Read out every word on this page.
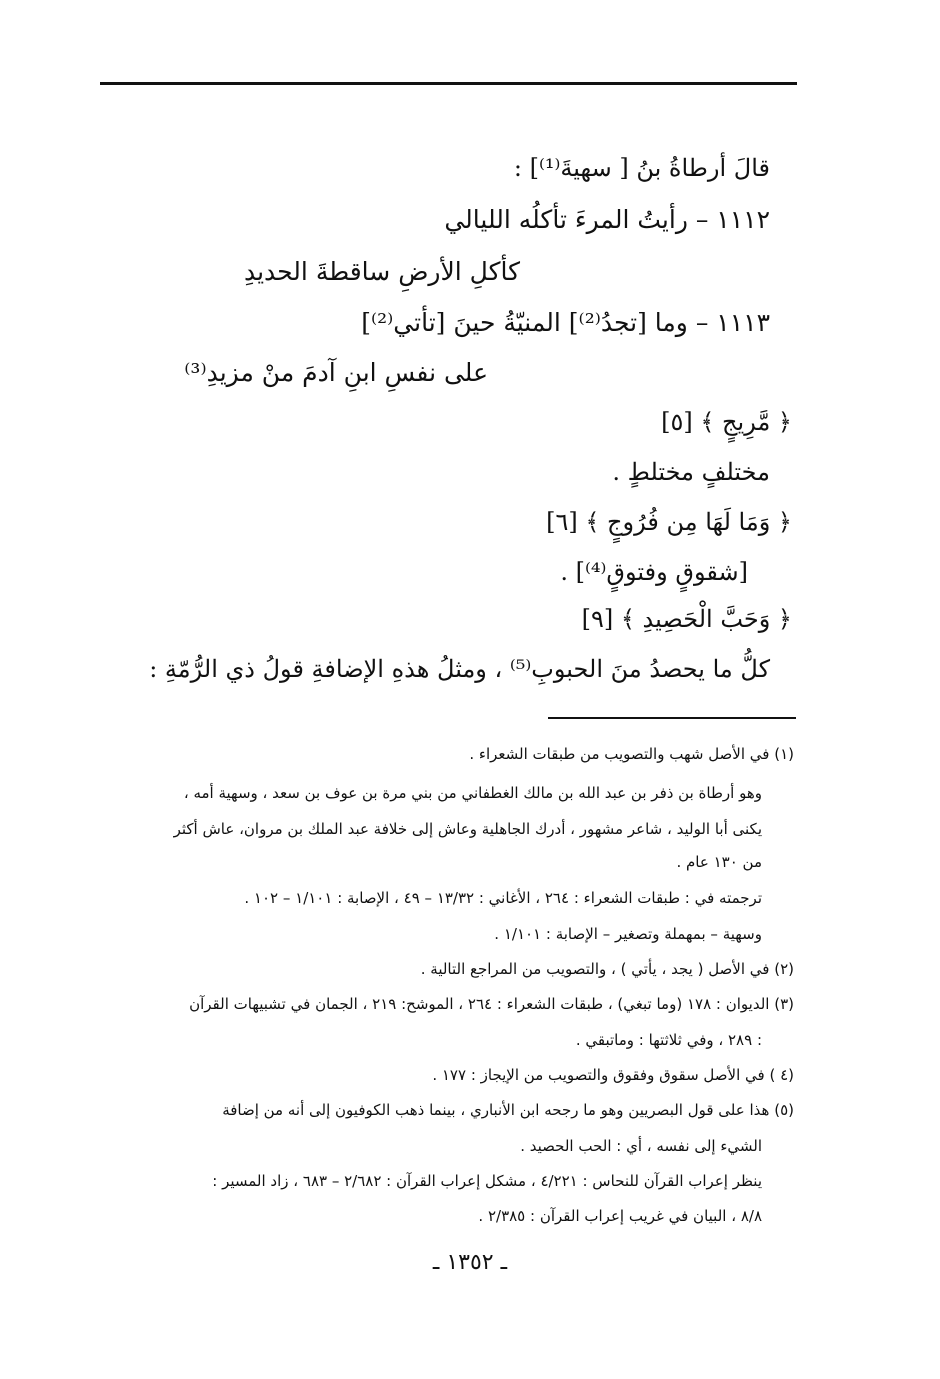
قالَ أرطاةُ بنُ [ سهيةَ⁽¹⁾] :
١١١٢ – رأيتُ المرءَ تأكلُه الليالي
كأكلِ الأرضِ ساقطةَ الحديدِ
١١١٣ – وما [تجدُ⁽²⁾] المنيّةُ حينَ [تأتي⁽²⁾]
على نفسِ ابنِ آدمَ منْ مزيدِ⁽³⁾
﴿ مَّرِيجٍ ﴾ [٥]
مختلفٍ مختلطٍ .
﴿ وَمَا لَهَا مِن فُرُوجٍ ﴾ [٦]
[شقوقٍ وفتوقٍ⁽⁴⁾] .
﴿ وَحَبَّ الْحَصِيدِ ﴾ [٩]
كلُّ ما يحصدُ منَ الحبوبِ⁽⁵⁾ ، ومثلُ هذهِ الإضافةِ قولُ ذي الرُّمّةِ :
(١) في الأصل شهب والتصويب من طبقات الشعراء .
وهو أرطاة بن ذفر بن عبد الله بن مالك الغطفاني من بني مرة بن عوف بن سعد ، وسهية أمه ،
يكنى أبا الوليد ، شاعر مشهور ، أدرك الجاهلية وعاش إلى خلافة عبد الملك بن مروان، عاش أكثر
من ١٣٠ عام .
ترجمته في : طبقات الشعراء : ٢٦٤ ، الأغاني : ١٣/٣٢ – ٤٩ ، الإصابة : ١/١٠١ – ١٠٢ .
وسهية – بمهملة وتصغير – الإصابة : ١/١٠١ .
(٢) في الأصل ( يجد ، يأتي ) ، والتصويب من المراجع التالية .
(٣) الديوان : ١٧٨ (وما تبغي) ، طبقات الشعراء : ٢٦٤ ، الموشح: ٢١٩ ، الجمان في تشبيهات القرآن
: ٢٨٩ ، وفي ثلاثتها : وماتبقي .
(٤ ) في الأصل سقوق وفقوق والتصويب من الإيجاز : ١٧٧ .
(٥) هذا على قول البصريين وهو ما رجحه ابن الأنباري ، بينما ذهب الكوفيون إلى أنه من إضافة
الشيء إلى نفسه ، أي : الحب الحصيد .
ينظر إعراب القرآن للنحاس : ٤/٢٢١ ، مشكل إعراب القرآن : ٢/٦٨٢ – ٦٨٣ ، زاد المسير :
٨/٨ ، البيان في غريب إعراب القرآن : ٢/٣٨٥ .
ـ ١٣٥٢ ـ
